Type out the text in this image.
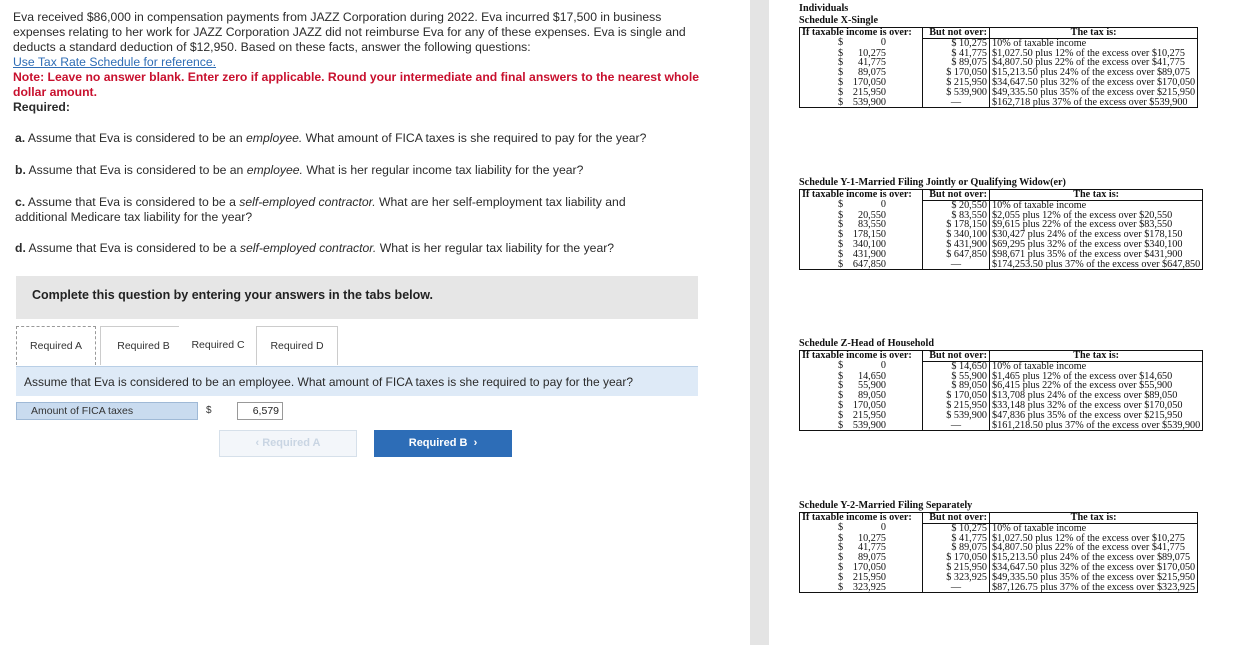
Eva received $86,000 in compensation payments from JAZZ Corporation during 2022. Eva incurred $17,500 in business expenses relating to her work for JAZZ Corporation JAZZ did not reimburse Eva for any of these expenses. Eva is single and deducts a standard deduction of $12,950. Based on these facts, answer the following questions:
Use Tax Rate Schedule for reference.
Note: Leave no answer blank. Enter zero if applicable. Round your intermediate and final answers to the nearest whole dollar amount.
Required:
a. Assume that Eva is considered to be an employee. What amount of FICA taxes is she required to pay for the year?
b. Assume that Eva is considered to be an employee. What is her regular income tax liability for the year?
c. Assume that Eva is considered to be a self-employed contractor. What are her self-employment tax liability and additional Medicare tax liability for the year?
d. Assume that Eva is considered to be a self-employed contractor. What is her regular tax liability for the year?
Complete this question by entering your answers in the tabs below.
Required A	Required B	Required C	Required D
Assume that Eva is considered to be an employee. What amount of FICA taxes is she required to pay for the year?
Amount of FICA taxes	$
6,579
‹ Required A	Required B ›
Individuals
Schedule X-Single
If taxable income is over:	But not over:	The tax is:
$ 0	$ 10,275	10% of taxable income
$ 10,275	$ 41,775	$1,027.50 plus 12% of the excess over $10,275
$ 41,775	$ 89,075	$4,807.50 plus 22% of the excess over $41,775
$ 89,075	$ 170,050	$15,213.50 plus 24% of the excess over $89,075
$ 170,050	$ 215,950	$34,647.50 plus 32% of the excess over $170,050
$ 215,950	$ 539,900	$49,335.50 plus 35% of the excess over $215,950
$ 539,900	—	$162,718 plus 37% of the excess over $539,900
Schedule Y-1-Married Filing Jointly or Qualifying Widow(er)
If taxable income is over:	But not over:	The tax is:
$ 0	$ 20,550	10% of taxable income
$ 20,550	$ 83,550	$2,055 plus 12% of the excess over $20,550
$ 83,550	$ 178,150	$9,615 plus 22% of the excess over $83,550
$ 178,150	$ 340,100	$30,427 plus 24% of the excess over $178,150
$ 340,100	$ 431,900	$69,295 plus 32% of the excess over $340,100
$ 431,900	$ 647,850	$98,671 plus 35% of the excess over $431,900
$ 647,850	—	$174,253.50 plus 37% of the excess over $647,850
Schedule Z-Head of Household
If taxable income is over:	But not over:	The tax is:
$ 0	$ 14,650	10% of taxable income
$ 14,650	$ 55,900	$1,465 plus 12% of the excess over $14,650
$ 55,900	$ 89,050	$6,415 plus 22% of the excess over $55,900
$ 89,050	$ 170,050	$13,708 plus 24% of the excess over $89,050
$ 170,050	$ 215,950	$33,148 plus 32% of the excess over $170,050
$ 215,950	$ 539,900	$47,836 plus 35% of the excess over $215,950
$ 539,900	—	$161,218.50 plus 37% of the excess over $539,900
Schedule Y-2-Married Filing Separately
If taxable income is over:	But not over:	The tax is:
$ 0	$ 10,275	10% of taxable income
$ 10,275	$ 41,775	$1,027.50 plus 12% of the excess over $10,275
$ 41,775	$ 89,075	$4,807.50 plus 22% of the excess over $41,775
$ 89,075	$ 170,050	$15,213.50 plus 24% of the excess over $89,075
$ 170,050	$ 215,950	$34,647.50 plus 32% of the excess over $170,050
$ 215,950	$ 323,925	$49,335.50 plus 35% of the excess over $215,950
$ 323,925	—	$87,126.75 plus 37% of the excess over $323,925
